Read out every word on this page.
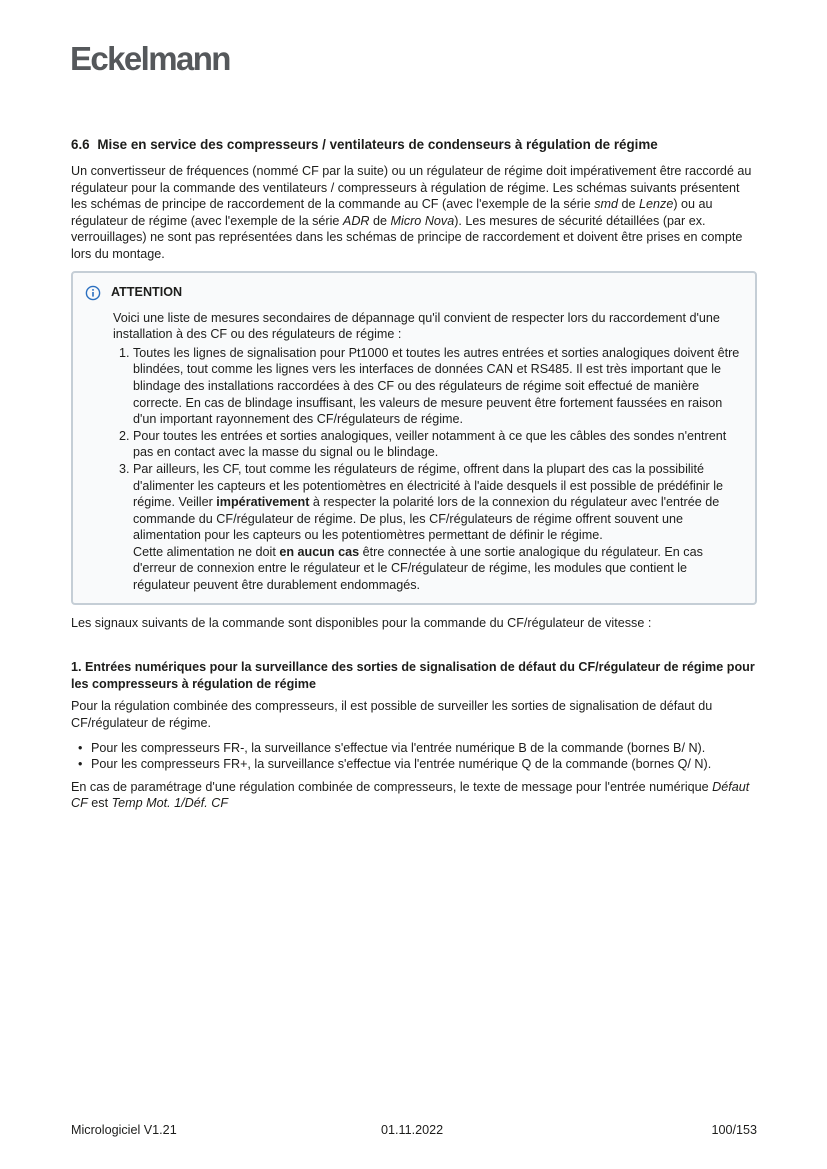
Eckelmann
6.6 Mise en service des compresseurs / ventilateurs de condenseurs à régulation de régime

Un convertisseur de fréquences (nommé CF par la suite) ou un régulateur de régime doit impérativement être raccordé au régulateur pour la commande des ventilateurs / compresseurs à régulation de régime. Les schémas suivants présentent les schémas de principe de raccordement de la commande au CF (avec l'exemple de la série smd de Lenze) ou au régulateur de régime (avec l'exemple de la série ADR de Micro Nova). Les mesures de sécurité détaillées (par ex. verrouillages) ne sont pas représentées dans les schémas de principe de raccordement et doivent être prises en compte lors du montage.

ATTENTION

Voici une liste de mesures secondaires de dépannage qu'il convient de respecter lors du raccordement d'une installation à des CF ou des régulateurs de régime :

1. Toutes les lignes de signalisation pour Pt1000 et toutes les autres entrées et sorties analogiques doivent être blindées, tout comme les lignes vers les interfaces de données CAN et RS485. Il est très important que le blindage des installations raccordées à des CF ou des régulateurs de régime soit effectué de manière correcte. En cas de blindage insuffisant, les valeurs de mesure peuvent être fortement faussées en raison d'un important rayonnement des CF/régulateurs de régime.
2. Pour toutes les entrées et sorties analogiques, veiller notamment à ce que les câbles des sondes n'entrent pas en contact avec la masse du signal ou le blindage.
3. Par ailleurs, les CF, tout comme les régulateurs de régime, offrent dans la plupart des cas la possibilité d'alimenter les capteurs et les potentiomètres en électricité à l'aide desquels il est possible de prédéfinir le régime. Veiller impérativement à respecter la polarité lors de la connexion du régulateur avec l'entrée de commande du CF/régulateur de régime. De plus, les CF/régulateurs de régime offrent souvent une alimentation pour les capteurs ou les potentiomètres permettant de définir le régime.
Cette alimentation ne doit en aucun cas être connectée à une sortie analogique du régulateur. En cas d'erreur de connexion entre le régulateur et le CF/régulateur de régime, les modules que contient le régulateur peuvent être durablement endommagés.

Les signaux suivants de la commande sont disponibles pour la commande du CF/régulateur de vitesse :

1. Entrées numériques pour la surveillance des sorties de signalisation de défaut du CF/régulateur de régime pour les compresseurs à régulation de régime

Pour la régulation combinée des compresseurs, il est possible de surveiller les sorties de signalisation de défaut du CF/régulateur de régime.

• Pour les compresseurs FR-, la surveillance s'effectue via l'entrée numérique B de la commande (bornes B/ N).
• Pour les compresseurs FR+, la surveillance s'effectue via l'entrée numérique Q de la commande (bornes Q/ N).

En cas de paramétrage d'une régulation combinée de compresseurs, le texte de message pour l'entrée numérique Défaut CF est Temp Mot. 1/Déf. CF

Micrologiciel V1.21	01.11.2022	100/153
